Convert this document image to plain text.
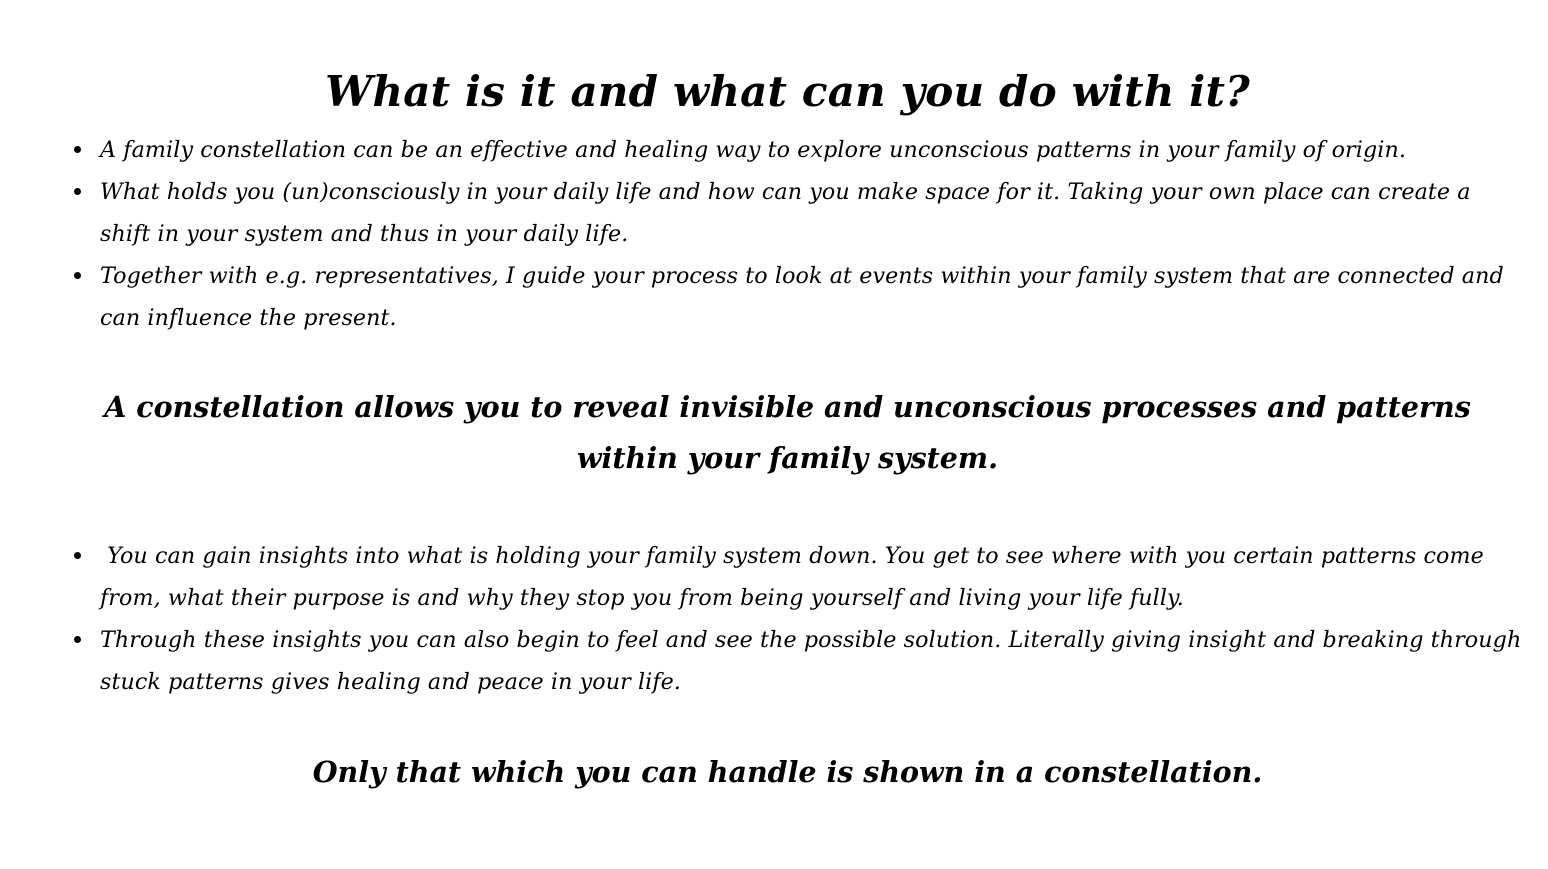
What is it and what can you do with it?
A family constellation can be an effective and healing way to explore unconscious patterns in your family of origin.
What holds you (un)consciously in your daily life and how can you make space for it. Taking your own place can create a shift in your system and thus in your daily life.
Together with e.g. representatives, I guide your process to look at events within your family system that are connected and can influence the present.
A constellation allows you to reveal invisible and unconscious processes and patterns within your family system.
You can gain insights into what is holding your family system down. You get to see where with you certain patterns come from, what their purpose is and why they stop you from being yourself and living your life fully.
Through these insights you can also begin to feel and see the possible solution. Literally giving insight and breaking through stuck patterns gives healing and peace in your life.
Only that which you can handle is shown in a constellation.
